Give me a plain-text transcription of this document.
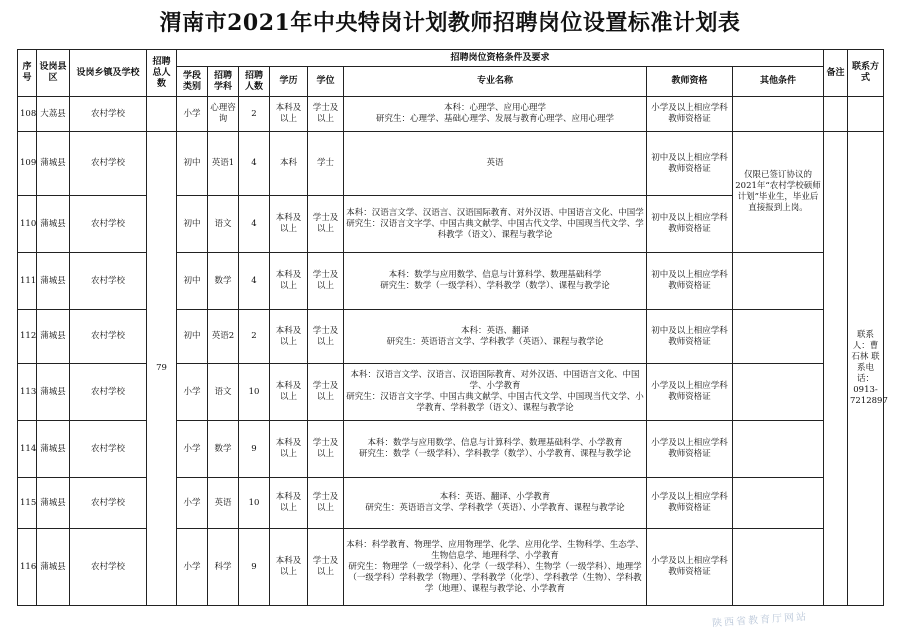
渭南市2021年中央特岗计划教师招聘岗位设置标准计划表
序号	设岗县区	设岗乡镇及学校	招聘总人数	招聘岗位资格条件及要求								备注	联系方式
				学段类别	招聘学科	招聘人数	学历	学位	专业名称	教师资格	其他条件		
108	大荔县	农村学校		小学	心理咨询	2	本科及以上	学士及以上	本科：心理学、应用心理学
研究生：心理学、基础心理学、发展与教育心理学、应用心理学	小学及以上相应学科教师资格证			
109	蒲城县	农村学校	79	初中	英语1	4	本科	学士	英语	初中及以上相应学科教师资格证	仅限已签订协议的2021年“农村学校硕师计划”毕业生，毕业后直接报到上岗。		联系人：曹石林 联系电话：0913-7212897
110	蒲城县	农村学校		初中	语文	4	本科及以上	学士及以上	本科：汉语言文学、汉语言、汉语国际教育、对外汉语、中国语言文化、中国学
研究生：汉语言文字学、中国古典文献学、中国古代文学、中国现当代文学、学科教学（语文）、课程与教学论	初中及以上相应学科教师资格证			
111	蒲城县	农村学校		初中	数学	4	本科及以上	学士及以上	本科：数学与应用数学、信息与计算科学、数理基础科学
研究生：数学（一级学科）、学科教学（数学）、课程与教学论	初中及以上相应学科教师资格证			
112	蒲城县	农村学校		初中	英语2	2	本科及以上	学士及以上	本科：英语、翻译
研究生：英语语言文学、学科教学（英语）、课程与教学论	初中及以上相应学科教师资格证			
113	蒲城县	农村学校		小学	语文	10	本科及以上	学士及以上	本科：汉语言文学、汉语言、汉语国际教育、对外汉语、中国语言文化、中国学、小学教育
研究生：汉语言文字学、中国古典文献学、中国古代文学、中国现当代文学、小学教育、学科教学（语文）、课程与教学论	小学及以上相应学科教师资格证			
114	蒲城县	农村学校		小学	数学	9	本科及以上	学士及以上	本科：数学与应用数学、信息与计算科学、数理基础科学、小学教育
研究生：数学（一级学科）、学科教学（数学）、小学教育、课程与教学论	小学及以上相应学科教师资格证			
115	蒲城县	农村学校		小学	英语	10	本科及以上	学士及以上	本科：英语、翻译、小学教育
研究生：英语语言文学、学科教学（英语）、小学教育、课程与教学论	小学及以上相应学科教师资格证			
116	蒲城县	农村学校		小学	科学	9	本科及以上	学士及以上	本科：科学教育、物理学、应用物理学、化学、应用化学、生物科学、生态学、生物信息学、地理科学、小学教育
研究生：物理学（一级学科）、化学（一级学科）、生物学（一级学科）、地理学（一级学科）学科教学（物理）、学科教学（化学）、学科教学（生物）、学科教学（地理）、课程与教学论、小学教育	小学及以上相应学科教师资格证			
陕西省教育厅网站
